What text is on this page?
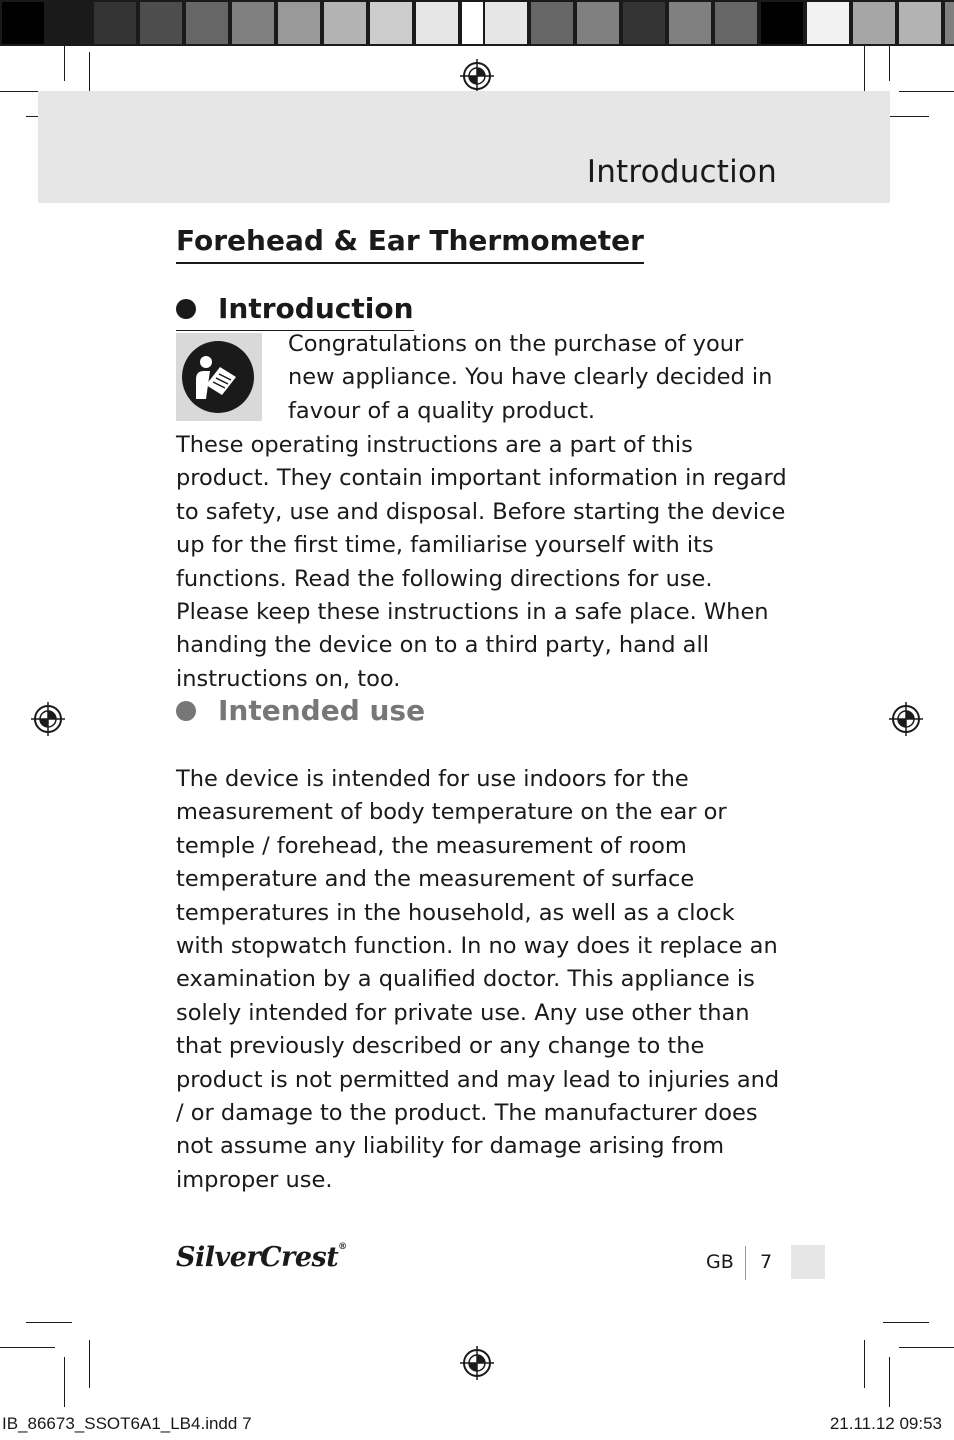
Introduction
Forehead & Ear Thermometer
Introduction
Congratulations on the purchase of your new appliance. You have clearly decided in favour of a quality product.
These operating instructions are a part of this product. They contain important information in regard to safety, use and disposal. Before starting the device up for the first time, familiarise yourself with its functions. Read the following directions for use. Please keep these instructions in a safe place. When handing the device on to a third party, hand all instructions on, too.
Intended use
The device is intended for use indoors for the measurement of body temperature on the ear or temple / forehead, the measurement of room temperature and the measurement of surface temperatures in the household, as well as a clock with stopwatch function. In no way does it replace an examination by a qualified doctor. This appliance is solely intended for private use. Any use other than that previously described or any change to the product is not permitted and may lead to injuries and / or damage to the product. The manufacturer does not assume any liability for damage arising from improper use.
SilverCrest®
GB 7
IB_86673_SSOT6A1_LB4.indd 7	21.11.12 09:53
